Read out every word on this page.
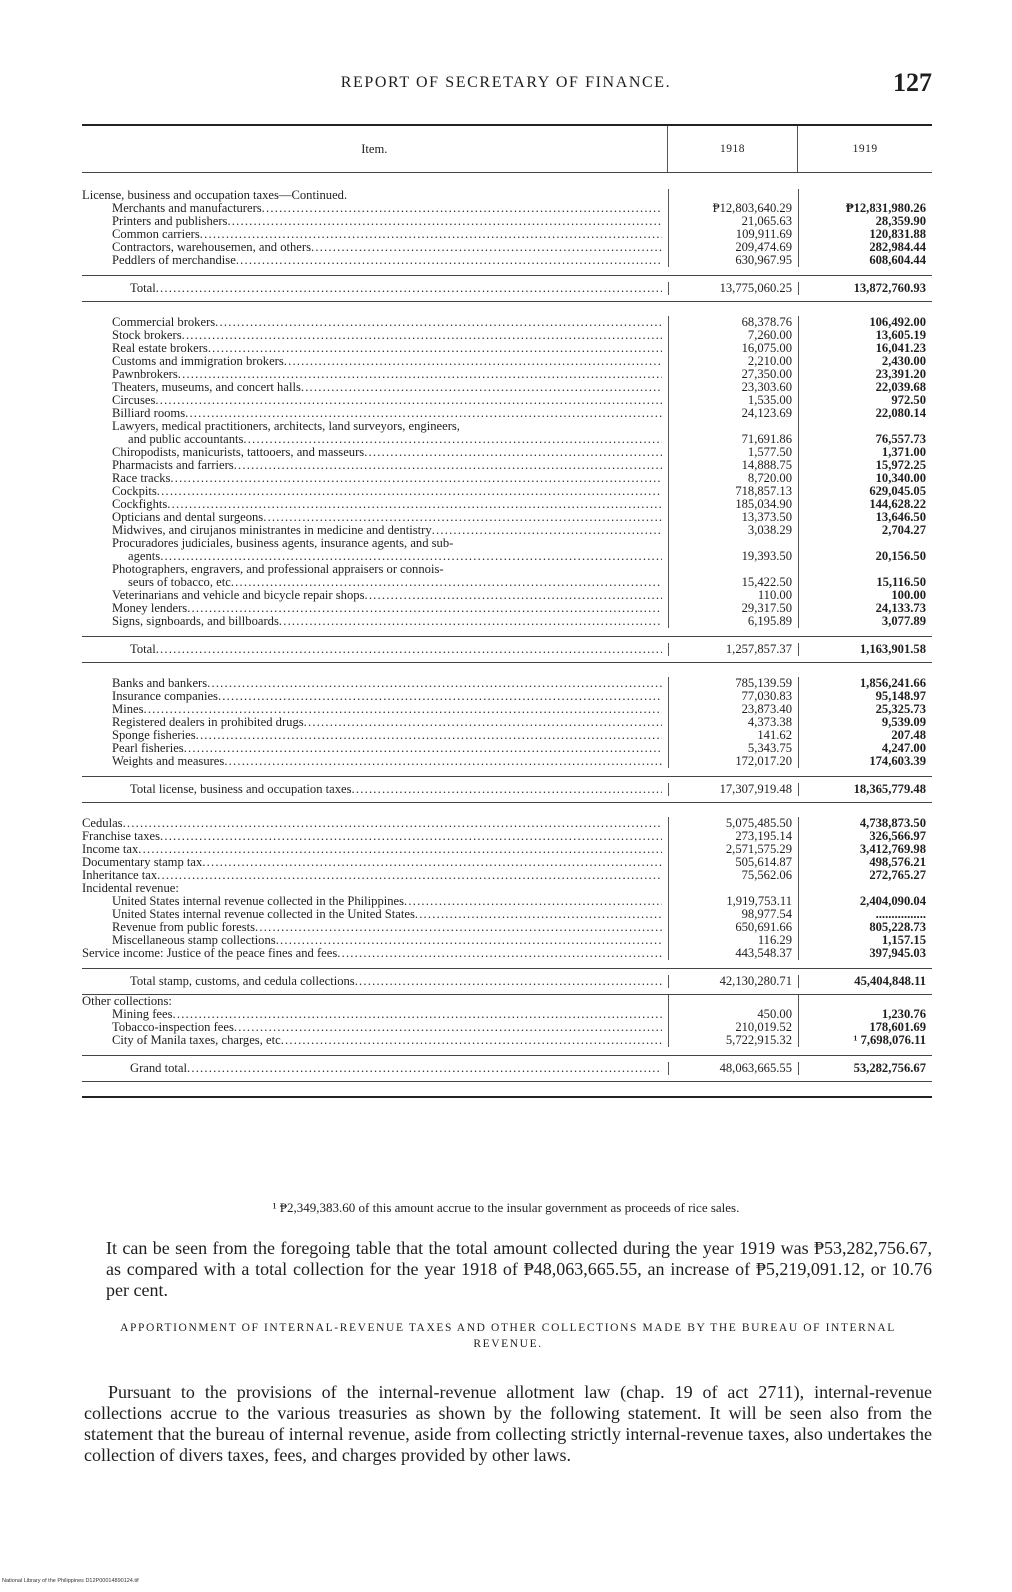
REPORT OF SECRETARY OF FINANCE.	127
Item.	1918	1919
License, business and occupation taxes—Continued.
Merchants and manufacturers .....	₱12,803,640.29	₱12,831,980.26
Printers and publishers .....	21,065.63	28,359.90
Common carriers .....	109,911.69	120,831.88
Contractors, warehousemen, and others .....	209,474.69	282,984.44
Peddlers of merchandise .....	630,967.95	608,604.44
Total .....	13,775,060.25	13,872,760.93
Commercial brokers .....	68,378.76	106,492.00
Stock brokers .....	7,260.00	13,605.19
Real estate brokers .....	16,075.00	16,041.23
Customs and immigration brokers .....	2,210.00	2,430.00
Pawnbrokers .....	27,350.00	23,391.20
Theaters, museums, and concert halls .....	23,303.60	22,039.68
Circuses .....	1,535.00	972.50
Billiard rooms .....	24,123.69	22,080.14
Lawyers, medical practitioners, architects, land surveyors, engineers,
and public accountants .....	71,691.86	76,557.73
Chiropodists, manicurists, tattooers, and masseurs .....	1,577.50	1,371.00
Pharmacists and farriers .....	14,888.75	15,972.25
Race tracks .....	8,720.00	10,340.00
Cockpits .....	718,857.13	629,045.05
Cockfights .....	185,034.90	144,628.22
Opticians and dental surgeons .....	13,373.50	13,646.50
Midwives, and cirujanos ministrantes in medicine and dentistry .....	3,038.29	2,704.27
Procuradores judiciales, business agents, insurance agents, and sub-
agents .....	19,393.50	20,156.50
Photographers, engravers, and professional appraisers or connois-
seurs of tobacco, etc .....	15,422.50	15,116.50
Veterinarians and vehicle and bicycle repair shops .....	110.00	100.00
Money lenders .....	29,317.50	24,133.73
Signs, signboards, and billboards .....	6,195.89	3,077.89
Total .....	1,257,857.37	1,163,901.58
Banks and bankers .....	785,139.59	1,856,241.66
Insurance companies .....	77,030.83	95,148.97
Mines .....	23,873.40	25,325.73
Registered dealers in prohibited drugs .....	4,373.38	9,539.09
Sponge fisheries .....	141.62	207.48
Pearl fisheries .....	5,343.75	4,247.00
Weights and measures .....	172,017.20	174,603.39
Total license, business and occupation taxes .....	17,307,919.48	18,365,779.48
Cedulas .....	5,075,485.50	4,738,873.50
Franchise taxes .....	273,195.14	326,566.97
Income tax .....	2,571,575.29	3,412,769.98
Documentary stamp tax .....	505,614.87	498,576.21
Inheritance tax .....	75,562.06	272,765.27
Incidental revenue:
United States internal revenue collected in the Philippines .....	1,919,753.11	2,404,090.04
United States internal revenue collected in the United States .....	98,977.54	................
Revenue from public forests .....	650,691.66	805,228.73
Miscellaneous stamp collections .....	116.29	1,157.15
Service income: Justice of the peace fines and fees .....	443,548.37	397,945.03
Total stamp, customs, and cedula collections .....	42,130,280.71	45,404,848.11
Other collections:
Mining fees .....	450.00	1,230.76
Tobacco-inspection fees .....	210,019.52	178,601.69
City of Manila taxes, charges, etc .....	5,722,915.32	¹ 7,698,076.11
Grand total .....	48,063,665.55	53,282,756.67
¹ ₱2,349,383.60 of this amount accrue to the insular government as proceeds of rice sales.

It can be seen from the foregoing table that the total amount collected during the year 1919 was ₱53,282,756.67, as compared with a total collection for the year 1918 of ₱48,063,665.55, an increase of ₱5,219,091.12, or 10.76 per cent.

APPORTIONMENT OF INTERNAL-REVENUE TAXES AND OTHER COLLECTIONS MADE BY THE BUREAU OF INTERNAL REVENUE.

Pursuant to the provisions of the internal-revenue allotment law (chap. 19 of act 2711), internal-revenue collections accrue to the various treasuries as shown by the following statement. It will be seen also from the statement that the bureau of internal revenue, aside from collecting strictly internal-revenue taxes, also undertakes the collection of divers taxes, fees, and charges provided by other laws.

National Library of the Philippines D12P00014890124.tif
